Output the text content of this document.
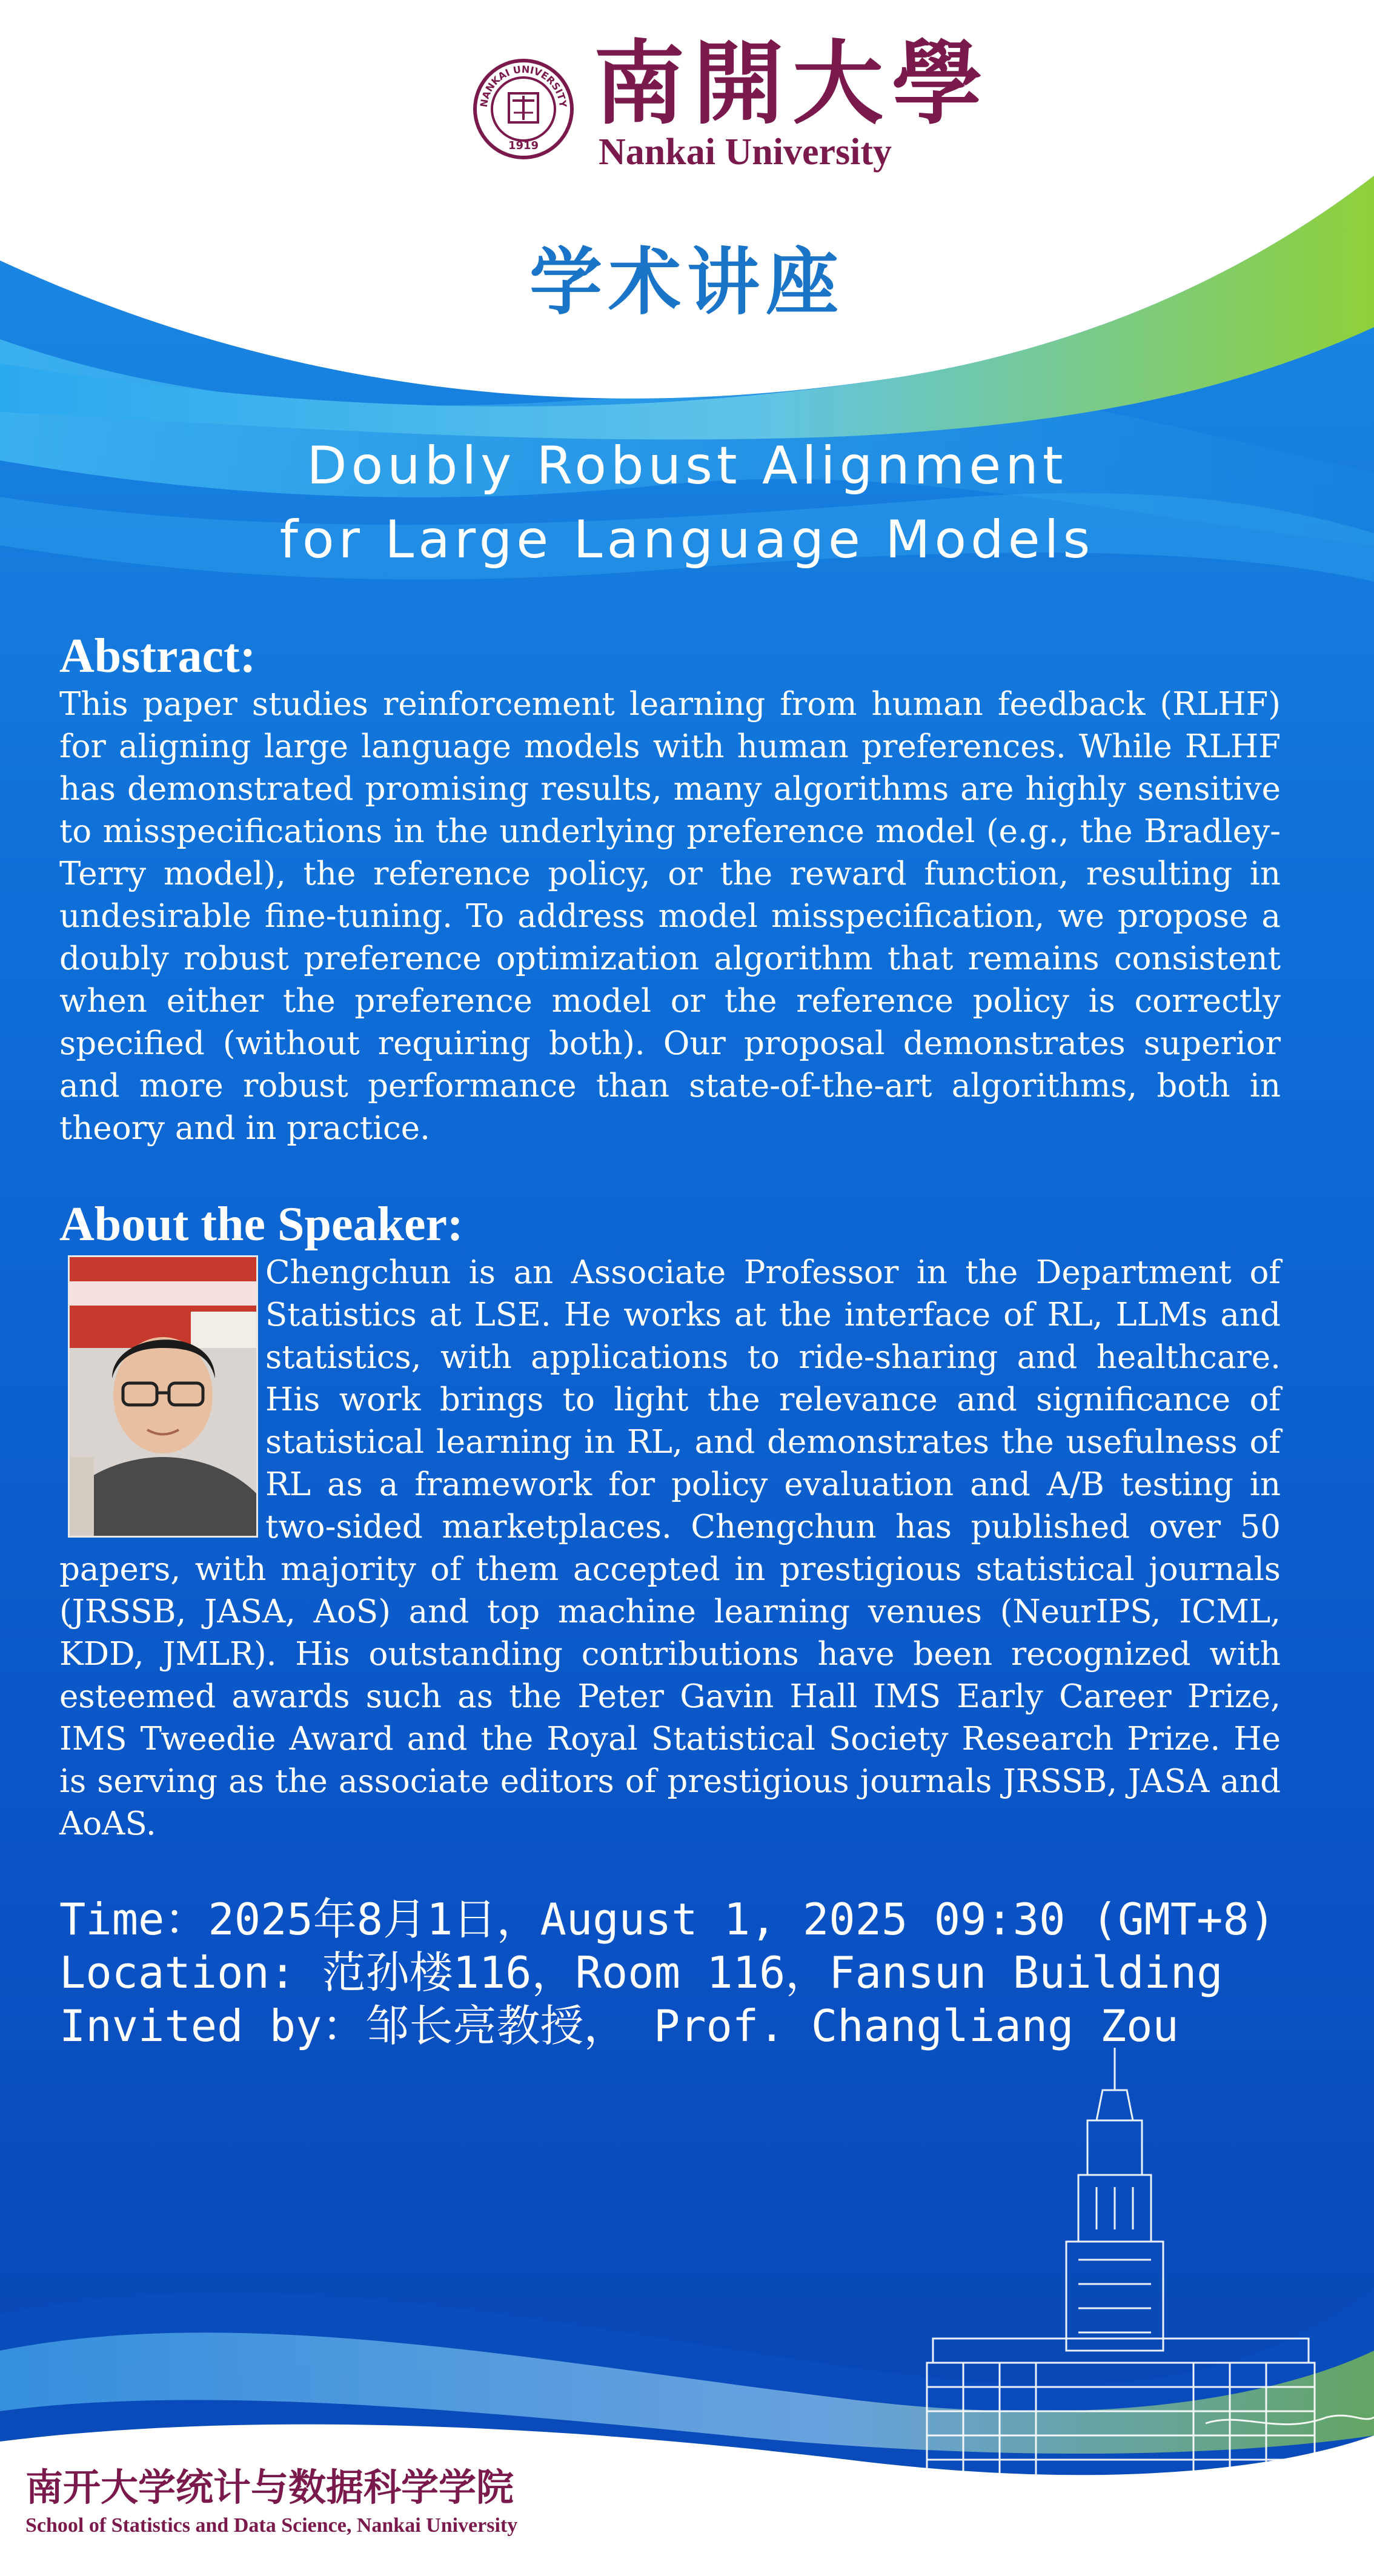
NANKAI UNIVERSITY
1919
南開大學
Nankai University
学术讲座
Doubly Robust Alignment
for Large Language Models
Abstract:
This paper studies reinforcement learning from human feedback (RLHF) for aligning large language models with human preferences. While RLHF has demonstrated promising results, many algorithms are highly sensitive to misspecifications in the underlying preference model (e.g., the Bradley-Terry model), the reference policy, or the reward function, resulting in undesirable fine-tuning. To address model misspecification, we propose a doubly robust preference optimization algorithm that remains consistent when either the preference model or the reference policy is correctly specified (without requiring both). Our proposal demonstrates superior and more robust performance than state-of-the-art algorithms, both in theory and in practice.
About the Speaker:
Chengchun is an Associate Professor in the Department of Statistics at LSE. He works at the interface of RL, LLMs and statistics, with applications to ride-sharing and healthcare. His work brings to light the relevance and significance of statistical learning in RL, and demonstrates the usefulness of RL as a framework for policy evaluation and A/B testing in two-sided marketplaces. Chengchun has published over 50 papers, with majority of them accepted in prestigious statistical journals (JRSSB, JASA, AoS) and top machine learning venues (NeurIPS, ICML, KDD, JMLR). His outstanding contributions have been recognized with esteemed awards such as the Peter Gavin Hall IMS Early Career Prize, IMS Tweedie Award and the Royal Statistical Society Research Prize. He is serving as the associate editors of prestigious journals JRSSB, JASA and AoAS.
Time：2025年8月1日，August 1, 2025 09:30 (GMT+8)
Location: 范孙楼116，Room 116，Fansun Building
Invited by：邹长亮教授， Prof. Changliang Zou
南开大学统计与数据科学学院
School of Statistics and Data Science, Nankai University
